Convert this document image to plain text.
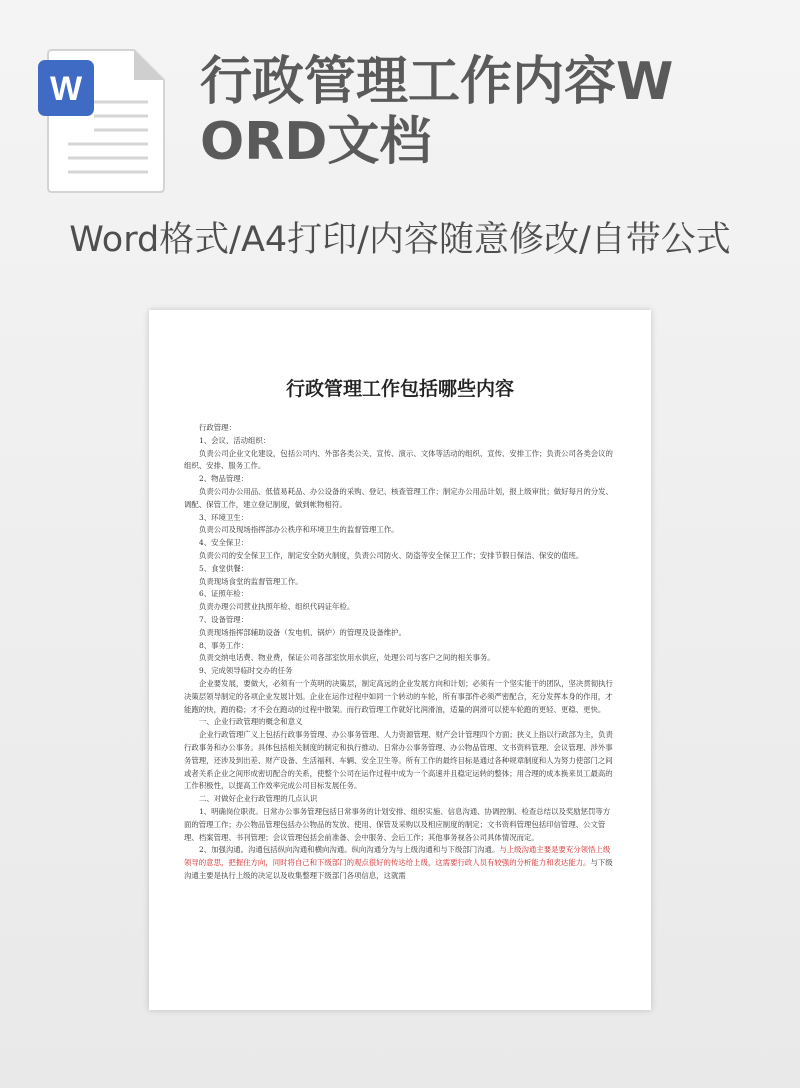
W 行政管理工作内容WORD文档
Word格式/A4打印/内容随意修改/自带公式
行政管理工作包括哪些内容

行政管理：

1、会议、活动组织：

负责公司企业文化建设，包括公司内、外部各类公关、宣传、演示、文体等活动的组织、宣传、安排工作；负责公司各类会议的组织、安排、服务工作。

2、物品管理：

负责公司办公用品、低值易耗品、办公设备的采购、登记、核查管理工作；制定办公用品计划，报上级审批；做好每月的分发、调配、保管工作，建立登记制度，做到帐物相符。

3、环境卫生：

负责公司及现场指挥部办公秩序和环境卫生的监督管理工作。

4、安全保卫：

负责公司的安全保卫工作，制定安全防火制度，负责公司防火、防盗等安全保卫工作；安排节假日保洁、保安的值班。

5、食堂供餐：

负责现场食堂的监督管理工作。

6、证照年检：

负责办理公司营业执照年检、组织代码证年检。

7、设备管理：

负责现场指挥部辅助设备（发电机、锅炉）的管理及设备维护。

8、事务工作：

负责交纳电话费、物业费，保证公司各部室饮用水供应，处理公司与客户之间的相关事务。

9、完成领导临时交办的任务

企业要发展，要做大，必须有一个英明的决策层，制定高远的企业发展方向和计划；必须有一个坚实能干的团队，坚决贯彻执行决策层领导制定的各项企业发展计划。企业在运作过程中如同一个转动的车轮，所有事部件必须严密配合，充分发挥本身的作用，才能跑的快，跑的稳；才不会在跑动的过程中散架。而行政管理工作就好比润滑油，适量的润滑可以使车轮跑的更轻、更稳、更快。

一、企业行政管理的概念和意义

企业行政管理广义上包括行政事务管理、办公事务管理、人力资源管理、财产会计管理四个方面；狭义上指以行政部为主，负责行政事务和办公事务。具体包括相关制度的制定和执行推动、日常办公事务管理、办公物品管理、文书资料管理、会议管理、涉外事务管理，还涉及到出差、财产设备、生活福利、车辆、安全卫生等。所有工作的最终目标是通过各种规章制度和人为努力使部门之间或者关系企业之间形成密切配合的关系，使整个公司在运作过程中成为一个高速并且稳定运转的整体；用合理的成本换来员工最高的工作积极性，以提高工作效率完成公司目标发展任务。

二、对做好企业行政管理的几点认识

1、明确岗位职责。日常办公事务管理包括日常事务的计划安排、组织实施、信息沟通、协调控制、检查总结以及奖励惩罚等方面的管理工作；办公物品管理包括办公物品的发放、使用、保管及采购以及相应制度的制定；文书资料管理包括印信管理、公文管理、档案管理、书刊管理；会议管理包括会前准备、会中服务、会后工作；其他事务视各公司具体情况而定。

2、加强沟通。沟通包括纵向沟通和横向沟通。纵向沟通分为与上级沟通和与下级部门沟通。与上级沟通主要是要充分领悟上级领导的意思，把握住方向，同时将自己和下级部门的观点很好的传达给上级，这需要行政人员有较强的分析能力和表达能力。与下级沟通主要是执行上级的决定以及收集整理下级部门各项信息，这就需
